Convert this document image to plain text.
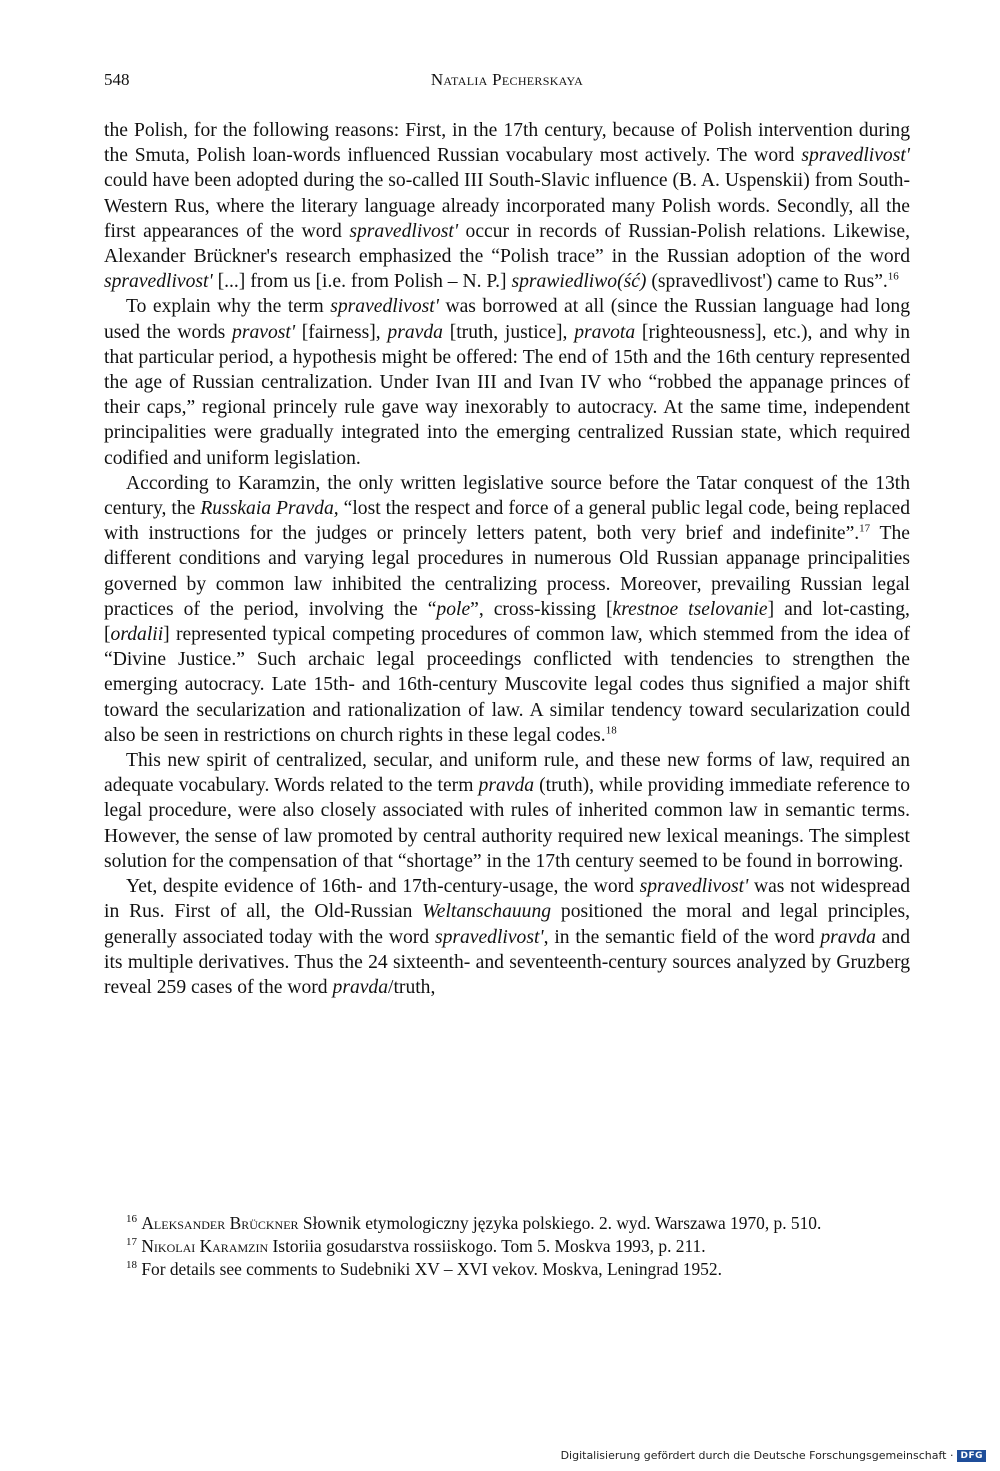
548	Natalia Pecherskaya

the Polish, for the following reasons: First, in the 17th century, because of Polish intervention during the Smuta, Polish loan-words influenced Russian vocabulary most actively. The word spravedlivost' could have been adopted during the so-called III South-Slavic influence (B. A. Uspenskii) from South-Western Rus, where the literary language already incorporated many Polish words. Secondly, all the first appearances of the word spravedlivost' occur in records of Russian-Polish relations. Likewise, Alexander Brückner's research emphasized the “Polish trace” in the Russian adoption of the word spravedlivost' [...] from us [i.e. from Polish – N. P.] sprawiedliwo(ść) (spravedlivost') came to Rus”.$^{16}$

To explain why the term spravedlivost' was borrowed at all (since the Russian language had long used the words pravost' [fairness], pravda [truth, justice], pravota [righteousness], etc.), and why in that particular period, a hypothesis might be offered: The end of 15th and the 16th century represented the age of Russian centralization. Under Ivan III and Ivan IV who “robbed the appanage princes of their caps,” regional princely rule gave way inexorably to autocracy. At the same time, independent principalities were gradually integrated into the emerging centralized Russian state, which required codified and uniform legislation.

According to Karamzin, the only written legislative source before the Tatar conquest of the 13th century, the Russkaia Pravda, “lost the respect and force of a general public legal code, being replaced with instructions for the judges or princely letters patent, both very brief and indefinite”.$^{17}$ The different conditions and varying legal procedures in numerous Old Russian appanage principalities governed by common law inhibited the centralizing process. Moreover, prevailing Russian legal practices of the period, involving the “pole”, cross-kissing [krestnoe tselovanie] and lot-casting, [ordalii] represented typical competing procedures of common law, which stemmed from the idea of “Divine Justice.” Such archaic legal proceedings conflicted with tendencies to strengthen the emerging autocracy. Late 15th- and 16th-century Muscovite legal codes thus signified a major shift toward the secularization and rationalization of law. A similar tendency toward secularization could also be seen in restrictions on church rights in these legal codes.$^{18}$

This new spirit of centralized, secular, and uniform rule, and these new forms of law, required an adequate vocabulary. Words related to the term pravda (truth), while providing immediate reference to legal procedure, were also closely associated with rules of inherited common law in semantic terms. However, the sense of law promoted by central authority required new lexical meanings. The simplest solution for the compensation of that “shortage” in the 17th century seemed to be found in borrowing.

Yet, despite evidence of 16th- and 17th-century-usage, the word spravedlivost' was not widespread in Rus. First of all, the Old-Russian Weltanschauung positioned the moral and legal principles, generally associated today with the word spravedlivost', in the semantic field of the word pravda and its multiple derivatives. Thus the 24 sixteenth- and seventeenth-century sources analyzed by Gruzberg reveal 259 cases of the word pravda/truth,

$^{16}$ Aleksander Brückner Słownik etymologiczny języka polskiego. 2. wyd. Warszawa 1970, p. 510.

$^{17}$ Nikolai Karamzin Istoriia gosudarstva rossiiskogo. Tom 5. Moskva 1993, p. 211.

$^{18}$ For details see comments to Sudebniki XV – XVI vekov. Moskva, Leningrad 1952.

Digitalisierung gefördert durch die Deutsche Forschungsgemeinschaft · DFG
